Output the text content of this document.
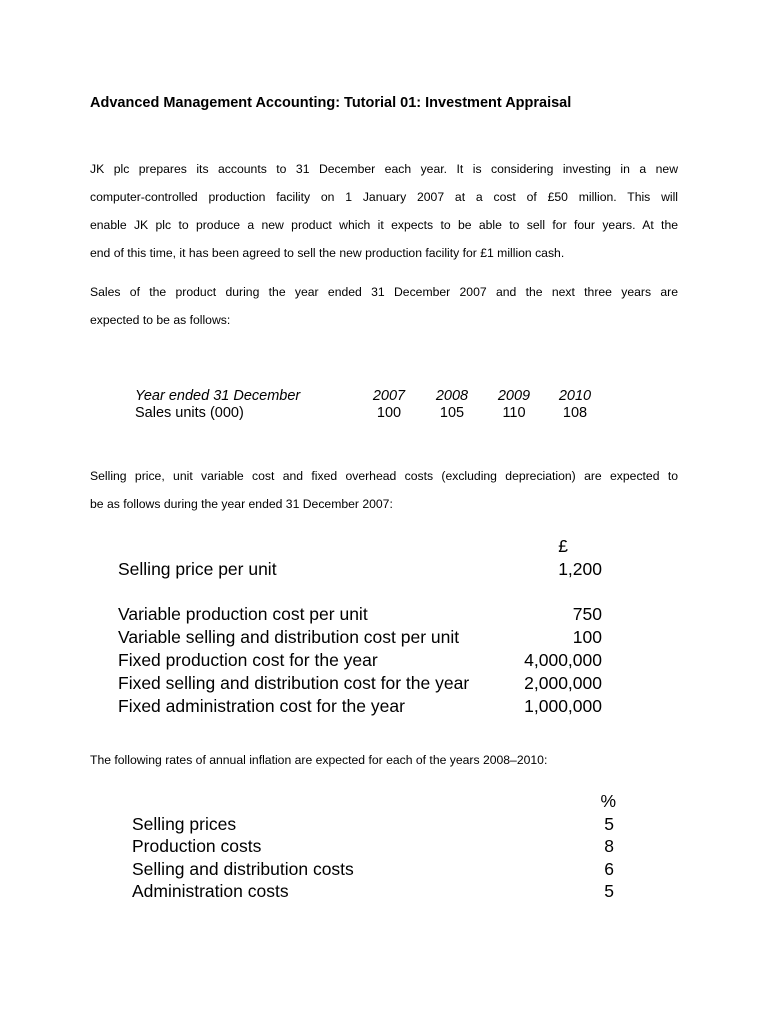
Advanced Management Accounting: Tutorial 01: Investment Appraisal
JK plc prepares its accounts to 31 December each year. It is considering investing in a new
computer-controlled production facility on 1 January 2007 at a cost of £50 million. This will
enable JK plc to produce a new product which it expects to be able to sell for four years. At the
end of this time, it has been agreed to sell the new production facility for £1 million cash.
Sales of the product during the year ended 31 December 2007 and the next three years are
expected to be as follows:
Year ended 31 December	2007	2008	2009	2010
Sales units (000)	100	105	110	108
Selling price, unit variable cost and fixed overhead costs (excluding depreciation) are expected to
be as follows during the year ended 31 December 2007:
£
Selling price per unit	1,200
Variable production cost per unit	750
Variable selling and distribution cost per unit	100
Fixed production cost for the year	4,000,000
Fixed selling and distribution cost for the year	2,000,000
Fixed administration cost for the year	1,000,000
The following rates of annual inflation are expected for each of the years 2008–2010:
%
Selling prices	5
Production costs	8
Selling and distribution costs	6
Administration costs	5
